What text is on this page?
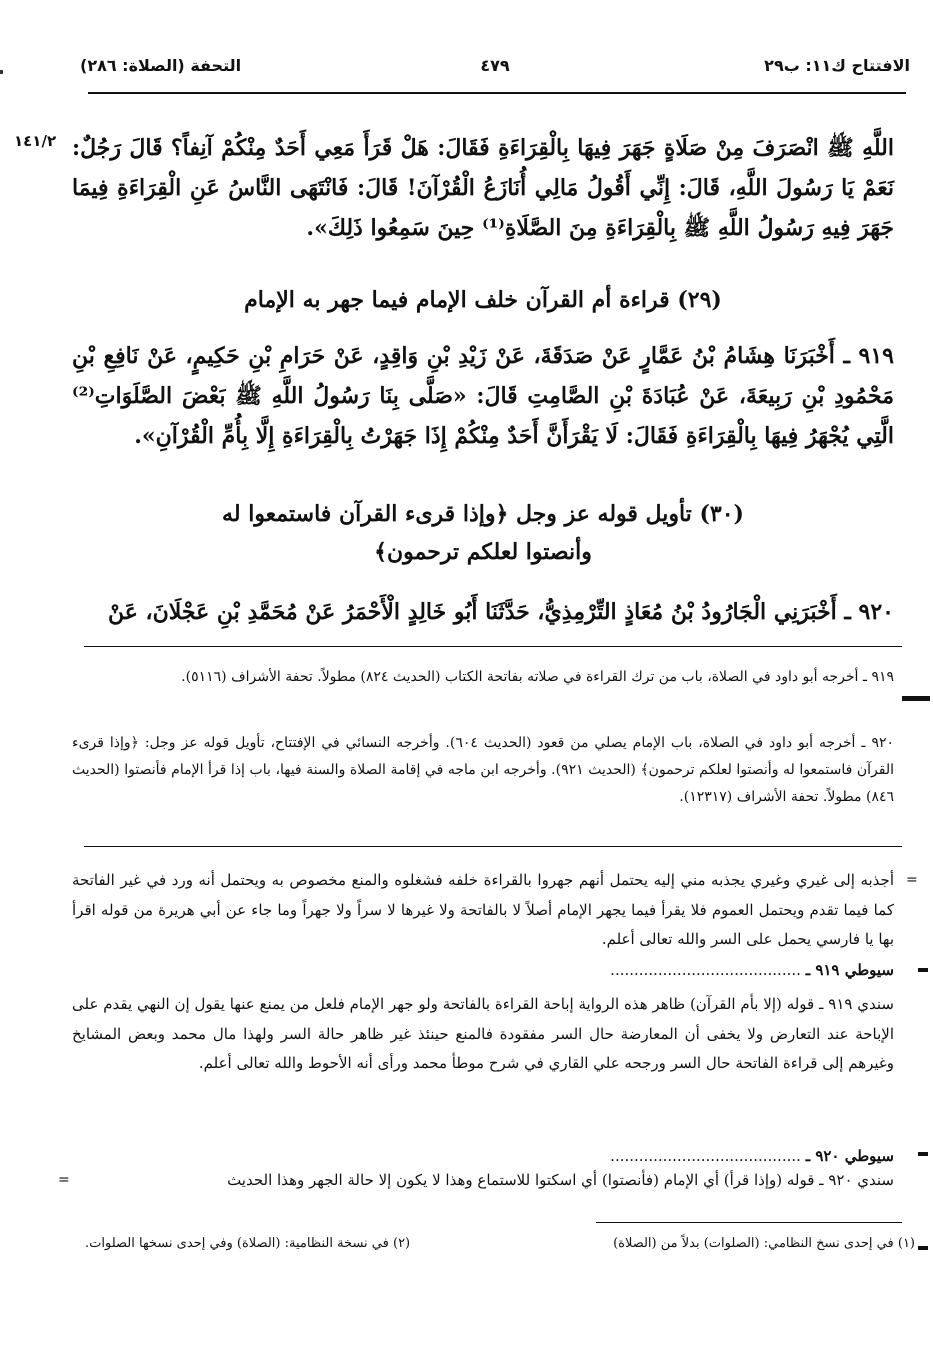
الافتتاح ك١١: ب٢٩
٤٧٩
التحفة (الصلاة: ٢٨٦)
١٤١/٢ اللَّهِ ﷺ انْصَرَفَ مِنْ صَلَاةٍ جَهَرَ فِيهَا بِالْقِرَاءَةِ فَقَالَ: هَلْ قَرَأَ مَعِي أَحَدٌ مِنْكُمْ آنِفاً؟ قَالَ رَجُلٌ: نَعَمْ يَا رَسُولَ اللَّهِ، قَالَ: إِنِّي أَقُولُ مَالِي أُنَازَعُ الْقُرْآنَ! قَالَ: فَانْتَهَى النَّاسُ عَنِ الْقِرَاءَةِ فِيمَا جَهَرَ فِيهِ رَسُولُ اللَّهِ ﷺ بِالْقِرَاءَةِ مِنَ الصَّلَاةِ⁽¹⁾ حِينَ سَمِعُوا ذَلِكَ».
(٢٩) قراءة أم القرآن خلف الإمام فيما جهر به الإمام
٩١٩ ـ أَخْبَرَنَا هِشَامُ بْنُ عَمَّارٍ عَنْ صَدَقَةَ، عَنْ زَيْدِ بْنِ وَاقِدٍ، عَنْ حَرَامِ بْنِ حَكِيمٍ، عَنْ نَافِعِ بْنِ مَحْمُودِ بْنِ رَبِيعَةَ، عَنْ عُبَادَةَ بْنِ الصَّامِتِ قَالَ: «صَلَّى بِنَا رَسُولُ اللَّهِ ﷺ بَعْضَ الصَّلَوَاتِ⁽²⁾ الَّتِي يُجْهَرُ فِيهَا بِالْقِرَاءَةِ فَقَالَ: لَا يَقْرَأَنَّ أَحَدٌ مِنْكُمْ إِذَا جَهَرْتُ بِالْقِرَاءَةِ إِلَّا بِأُمِّ الْقُرْآنِ».
(٣٠) تأويل قوله عز وجل ﴿وإذا قرىء القرآن فاستمعوا له
وأنصتوا لعلكم ترحمون﴾
٩٢٠ ـ أَخْبَرَنِي الْجَارُودُ بْنُ مُعَاذٍ التِّرْمِذِيُّ، حَدَّثَنَا أَبُو خَالِدٍ الْأَحْمَرُ عَنْ مُحَمَّدِ بْنِ عَجْلَانَ، عَنْ
٩١٩ ـ أخرجه أبو داود في الصلاة، باب من ترك القراءة في صلاته بفاتحة الكتاب (الحديث ٨٢٤) مطولاً. تحفة الأشراف (٥١١٦).
٩٢٠ ـ أخرجه أبو داود في الصلاة، باب الإمام يصلي من قعود (الحديث ٦٠٤). وأخرجه النسائي في الإفتتاح، تأويل قوله عز وجل: ﴿وإذا قرىء القرآن فاستمعوا له وأنصتوا لعلكم ترحمون﴾ (الحديث ٩٢١). وأخرجه ابن ماجه في إقامة الصلاة والسنة فيها، باب إذا قرأ الإمام فأنصتوا (الحديث ٨٤٦) مطولاً. تحفة الأشراف (١٢٣١٧).
=
أجذبه إلى غيري وغيري يجذبه مني إليه يحتمل أنهم جهروا بالقراءة خلفه فشغلوه والمنع مخصوص به ويحتمل أنه ورد في غير الفاتحة كما فيما تقدم ويحتمل العموم فلا يقرأ فيما يجهر الإمام أصلاً لا بالفاتحة ولا غيرها لا سراً ولا جهراً وما جاء عن أبي هريرة من قوله اقرأ بها يا فارسي يحمل على السر والله تعالى أعلم.
سيوطي ٩١٩ ـ ........................................
سندي ٩١٩ ـ قوله (إلا بأم القرآن) ظاهر هذه الرواية إباحة القراءة بالفاتحة ولو جهر الإمام فلعل من يمنع عنها يقول إن النهي يقدم على الإباحة عند التعارض ولا يخفى أن المعارضة حال السر مفقودة فالمنع حينئذ غير ظاهر حالة السر ولهذا مال محمد وبعض المشايخ وغيرهم إلى قراءة الفاتحة حال السر ورجحه علي القاري في شرح موطأ محمد ورأى أنه الأحوط والله تعالى أعلم.
سيوطي ٩٢٠ ـ ........................................
سندي ٩٢٠ ـ قوله (وإذا قرأ) أي الإمام (فأنصتوا) أي اسكتوا للاستماع وهذا لا يكون إلا حالة الجهر وهذا الحديث
=
(١) في إحدى نسخ النظامي: (الصلوات) بدلاً من (الصلاة)
(٢) في نسخة النظامية: (الصلاة) وفي إحدى نسخها الصلوات.
